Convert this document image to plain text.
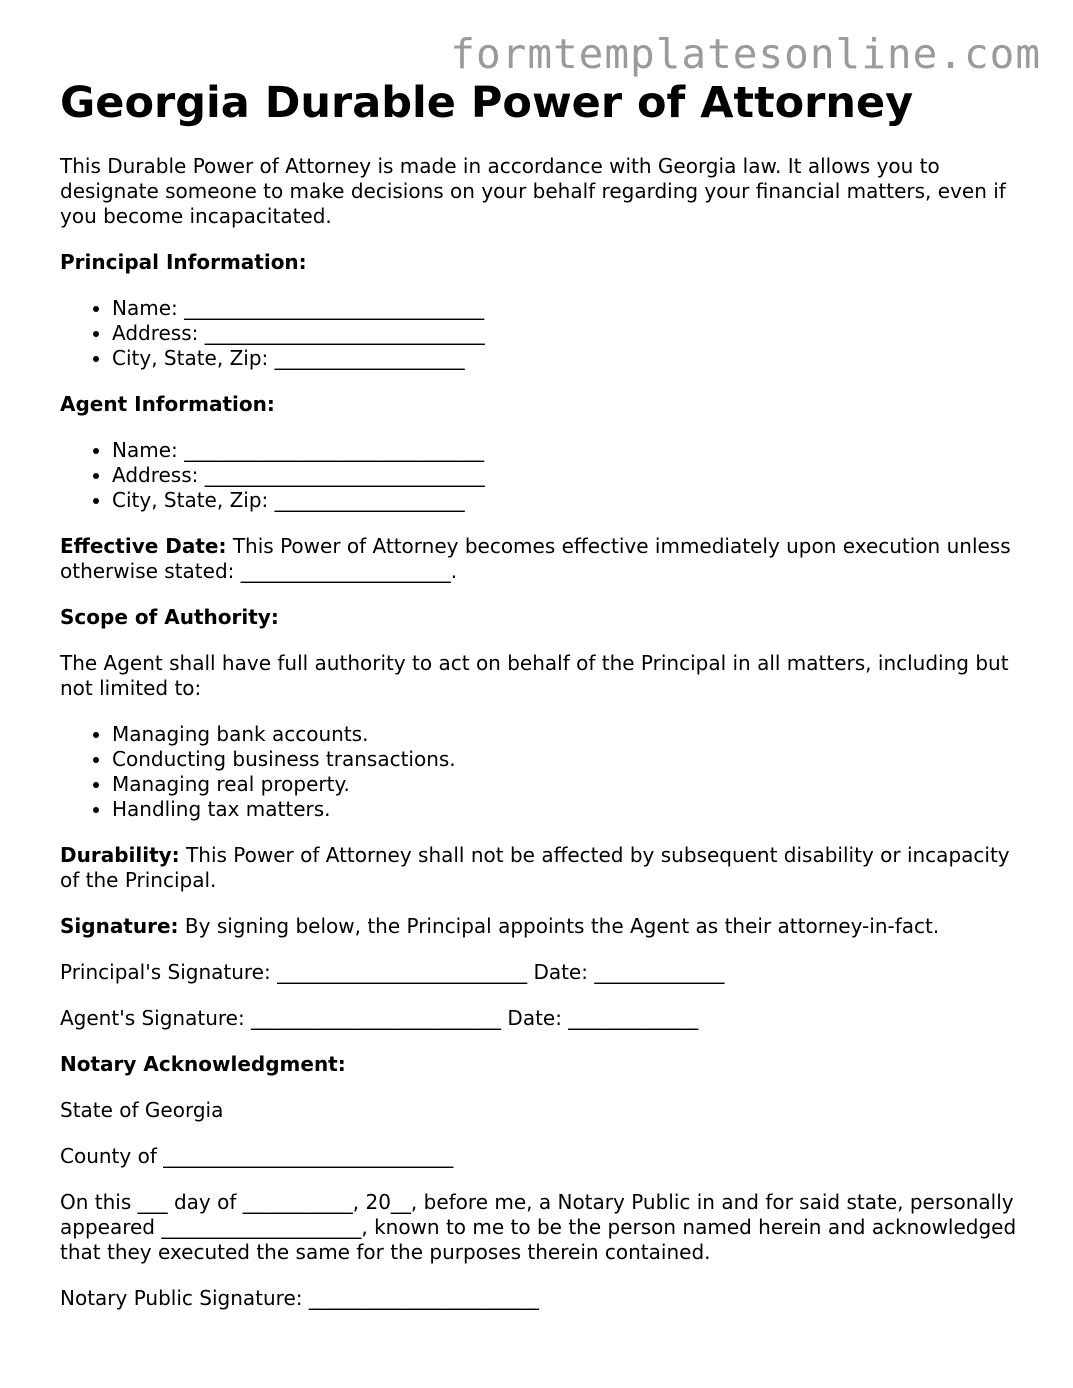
formtemplatesonline.com
Georgia Durable Power of Attorney

This Durable Power of Attorney is made in accordance with Georgia law. It allows you to designate someone to make decisions on your behalf regarding your financial matters, even if you become incapacitated.

Principal Information:
• Name: ______________________________
• Address: ____________________________
• City, State, Zip: ___________________
Agent Information:
• Name: ______________________________
• Address: ____________________________
• City, State, Zip: ___________________

Effective Date: This Power of Attorney becomes effective immediately upon execution unless otherwise stated: _____________________.

Scope of Authority:

The Agent shall have full authority to act on behalf of the Principal in all matters, including but not limited to:

• Managing bank accounts.
• Conducting business transactions.
• Managing real property.
• Handling tax matters.

Durability: This Power of Attorney shall not be affected by subsequent disability or incapacity of the Principal.

Signature: By signing below, the Principal appoints the Agent as their attorney-in-fact.

Principal's Signature: _________________________ Date: _____________

Agent's Signature: _________________________ Date: _____________

Notary Acknowledgment:

State of Georgia

County of _____________________________

On this ___ day of ___________, 20__, before me, a Notary Public in and for said state, personally appeared ____________________, known to me to be the person named herein and acknowledged that they executed the same for the purposes therein contained.

Notary Public Signature: _______________________
